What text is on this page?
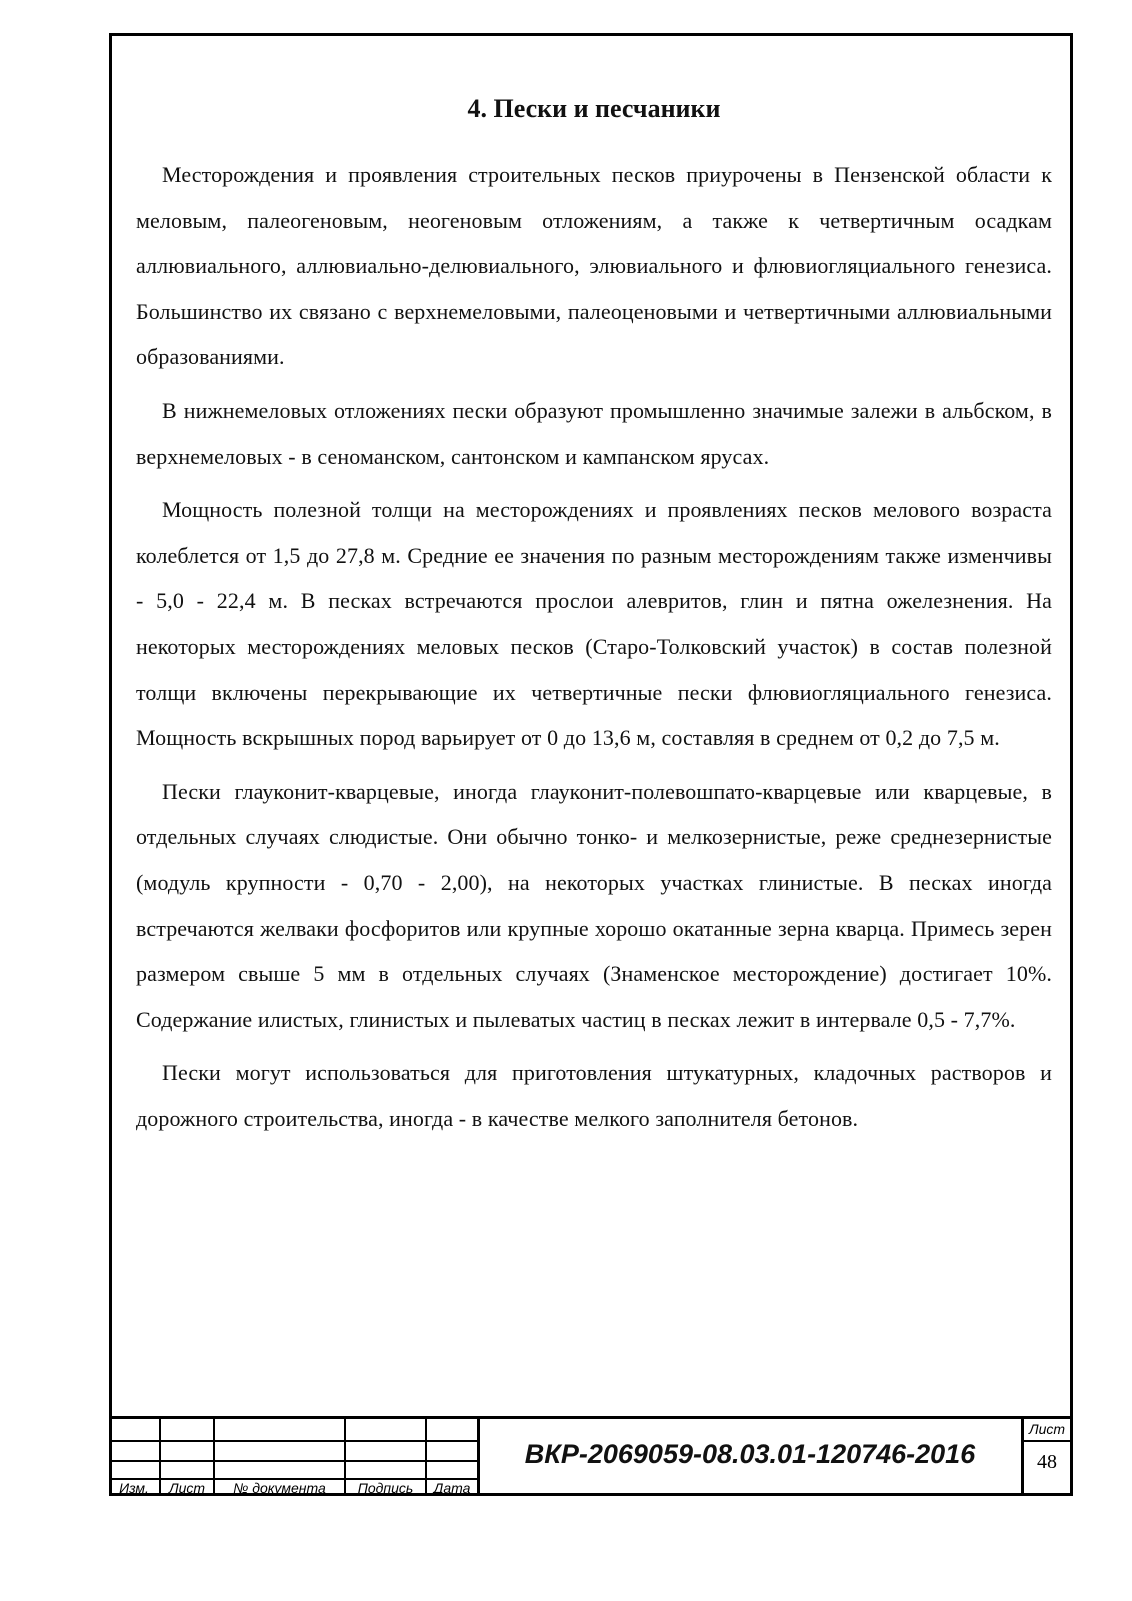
4. Пески и песчаники

Месторождения и проявления строительных песков приурочены в Пензенской области к меловым, палеогеновым, неогеновым отложениям, а также к четвертичным осадкам аллювиального, аллювиально-делювиального, элювиального и флювиогляциального генезиса. Большинство их связано с верхнемеловыми, палеоценовыми и четвертичными аллювиальными образованиями.

В нижнемеловых отложениях пески образуют промышленно значимые залежи в альбском, в верхнемеловых - в сеноманском, сантонском и кампанском ярусах.

Мощность полезной толщи на месторождениях и проявлениях песков мелового возраста колеблется от 1,5 до 27,8 м. Средние ее значения по разным месторождениям также изменчивы - 5,0 - 22,4 м. В песках встречаются прослои алевритов, глин и пятна ожелезнения. На некоторых месторождениях меловых песков (Старо-Толковский участок) в состав полезной толщи включены перекрывающие их четвертичные пески флювиогляциального генезиса. Мощность вскрышных пород варьирует от 0 до 13,6 м, составляя в среднем от 0,2 до 7,5 м.

Пески глауконит-кварцевые, иногда глауконит-полевошпато-кварцевые или кварцевые, в отдельных случаях слюдистые. Они обычно тонко- и мелкозернистые, реже среднезернистые (модуль крупности - 0,70 - 2,00), на некоторых участках глинистые. В песках иногда встречаются желваки фосфоритов или крупные хорошо окатанные зерна кварца. Примесь зерен размером свыше 5 мм в отдельных случаях (Знаменское месторождение) достигает 10%. Содержание илистых, глинистых и пылеватых частиц в песках лежит в интервале 0,5 - 7,7%.

Пески могут использоваться для приготовления штукатурных, кладочных растворов и дорожного строительства, иногда - в качестве мелкого заполнителя бетонов.

Изм.	Лист	№ документа	Подпись	Дата
ВКР-2069059-08.03.01-120746-2016
Лист
48
